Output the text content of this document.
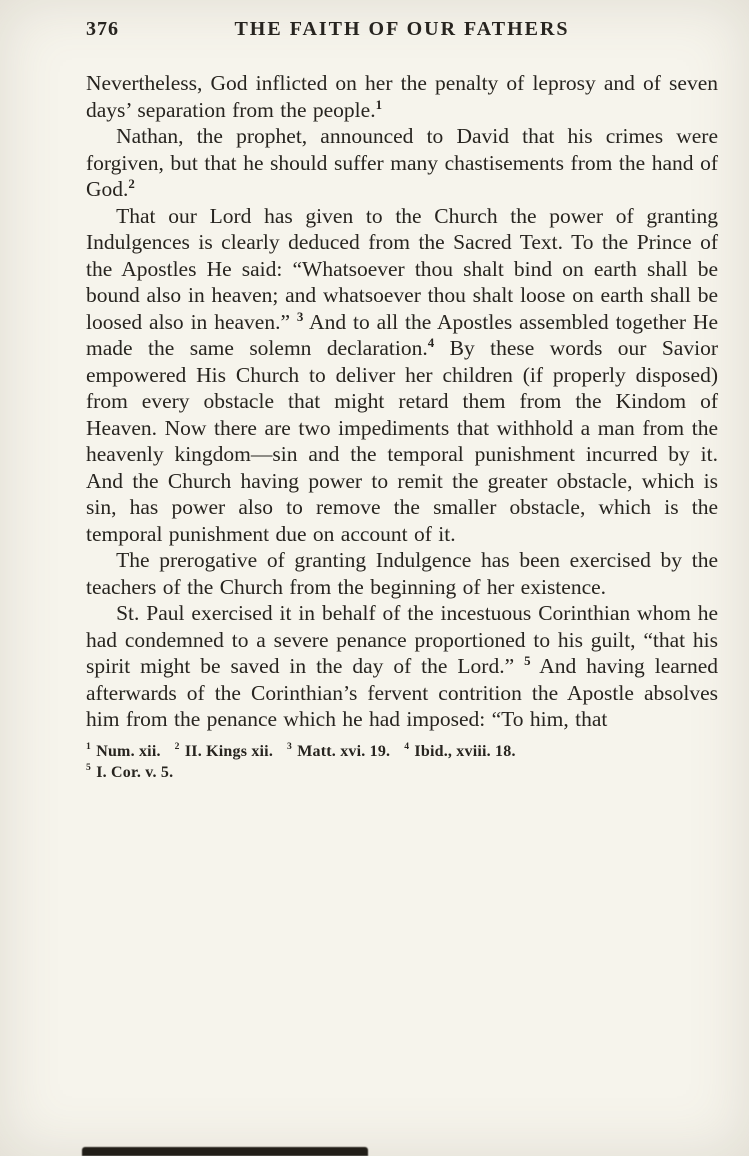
376	THE FAITH OF OUR FATHERS

Nevertheless, God inflicted on her the penalty of leprosy and of seven days’ separation from the people.$^1$

Nathan, the prophet, announced to David that his crimes were forgiven, but that he should suffer many chastisements from the hand of God.$^2$

That our Lord has given to the Church the power of granting Indulgences is clearly deduced from the Sacred Text. To the Prince of the Apostles He said: “Whatsoever thou shalt bind on earth shall be bound also in heaven; and whatsoever thou shalt loose on earth shall be loosed also in heaven.” $^3$ And to all the Apostles assembled together He made the same solemn declaration.$^4$ By these words our Savior empowered His Church to deliver her children (if properly disposed) from every obstacle that might retard them from the Kindom of Heaven. Now there are two impediments that withhold a man from the heavenly kingdom—sin and the temporal punishment incurred by it. And the Church having power to remit the greater obstacle, which is sin, has power also to remove the smaller obstacle, which is the temporal punishment due on account of it.

The prerogative of granting Indulgence has been exercised by the teachers of the Church from the beginning of her existence.

St. Paul exercised it in behalf of the incestuous Corinthian whom he had condemned to a severe penance proportioned to his guilt, “that his spirit might be saved in the day of the Lord.” $^5$ And having learned afterwards of the Corinthian’s fervent contrition the Apostle absolves him from the penance which he had imposed: “To him, that

$^1$ Num. xii. $^2$ II. Kings xii. $^3$ Matt. xvi. 19. $^4$ Ibid., xviii. 18.
$^5$ I. Cor. v. 5.
